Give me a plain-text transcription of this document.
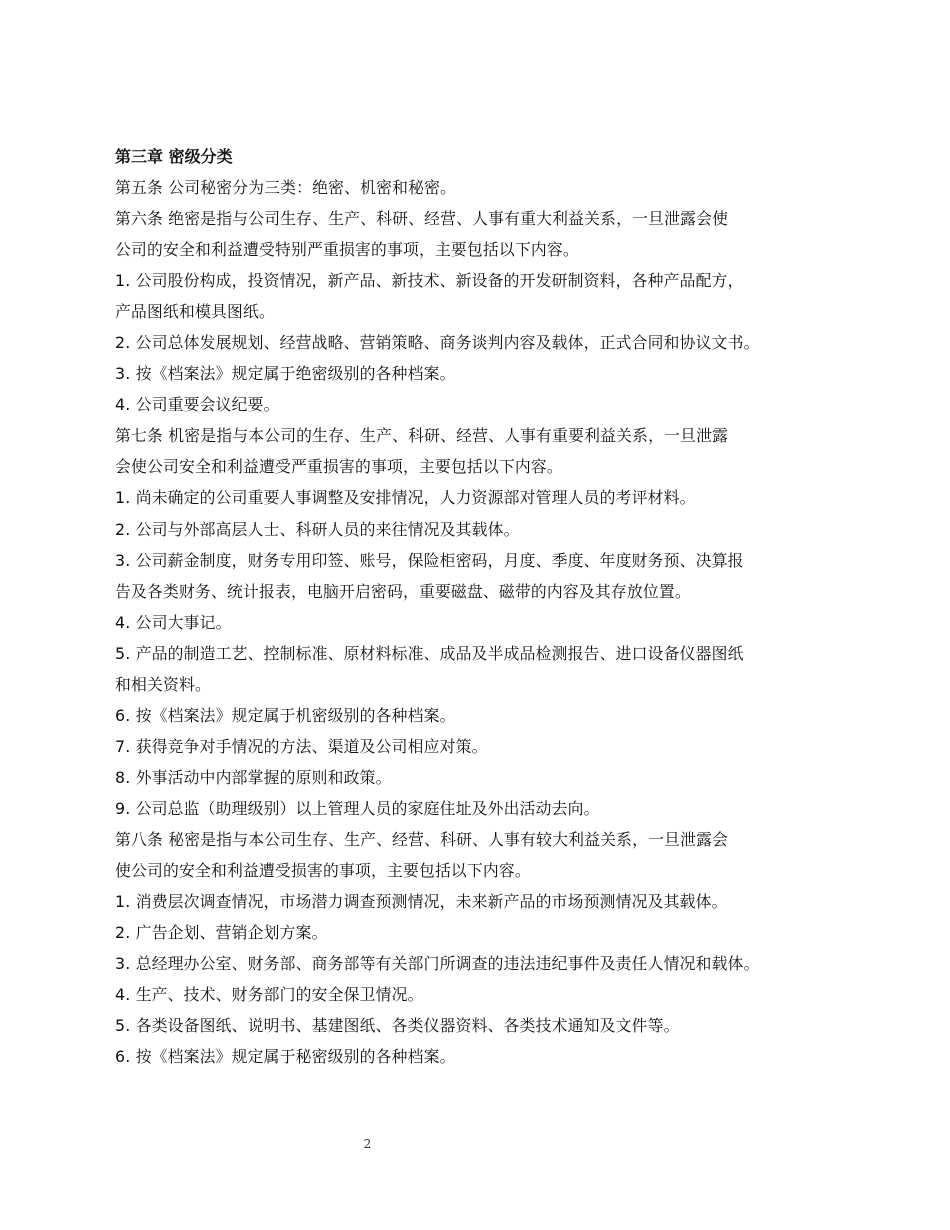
第三章 密级分类
第五条 公司秘密分为三类：绝密、机密和秘密。
第六条 绝密是指与公司生存、生产、科研、经营、人事有重大利益关系，一旦泄露会使
公司的安全和利益遭受特别严重损害的事项，主要包括以下内容。
1. 公司股份构成，投资情况，新产品、新技术、新设备的开发研制资料，各种产品配方，
产品图纸和模具图纸。
2. 公司总体发展规划、经营战略、营销策略、商务谈判内容及载体，正式合同和协议文书。
3. 按《档案法》规定属于绝密级别的各种档案。
4. 公司重要会议纪要。
第七条 机密是指与本公司的生存、生产、科研、经营、人事有重要利益关系，一旦泄露
会使公司安全和利益遭受严重损害的事项，主要包括以下内容。
1. 尚未确定的公司重要人事调整及安排情况，人力资源部对管理人员的考评材料。
2. 公司与外部高层人士、科研人员的来往情况及其载体。
3. 公司薪金制度，财务专用印签、账号，保险柜密码，月度、季度、年度财务预、决算报
告及各类财务、统计报表，电脑开启密码，重要磁盘、磁带的内容及其存放位置。
4. 公司大事记。
5. 产品的制造工艺、控制标准、原材料标准、成品及半成品检测报告、进口设备仪器图纸
和相关资料。
6. 按《档案法》规定属于机密级别的各种档案。
7. 获得竞争对手情况的方法、渠道及公司相应对策。
8. 外事活动中内部掌握的原则和政策。
9. 公司总监（助理级别）以上管理人员的家庭住址及外出活动去向。
第八条 秘密是指与本公司生存、生产、经营、科研、人事有较大利益关系，一旦泄露会
使公司的安全和利益遭受损害的事项，主要包括以下内容。
1. 消费层次调查情况，市场潜力调查预测情况，未来新产品的市场预测情况及其载体。
2. 广告企划、营销企划方案。
3. 总经理办公室、财务部、商务部等有关部门所调查的违法违纪事件及责任人情况和载体。
4. 生产、技术、财务部门的安全保卫情况。
5. 各类设备图纸、说明书、基建图纸、各类仪器资料、各类技术通知及文件等。
6. 按《档案法》规定属于秘密级别的各种档案。
2
